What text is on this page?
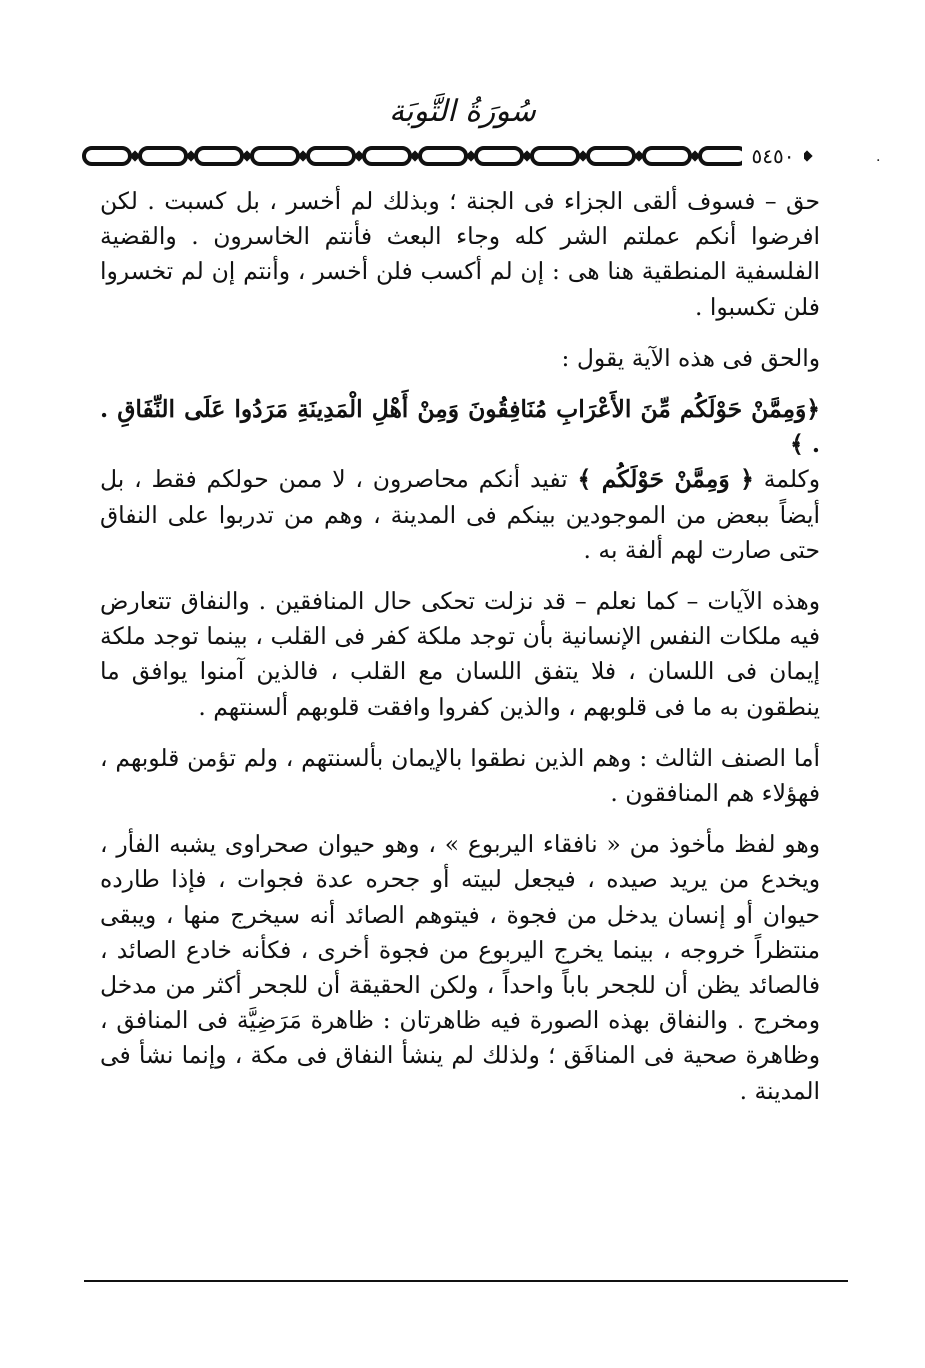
سُورَةُ التَّوبَة
٥٤٥٠	.

حق – فسوف ألقى الجزاء فى الجنة ؛ وبذلك لم أخسر ، بل كسبت . لكن افرضوا أنكم عملتم الشر كله وجاء البعث فأنتم الخاسرون . والقضية الفلسفية المنطقية هنا هى : إن لم أكسب فلن أخسر ، وأنتم إن لم تخسروا فلن تكسبوا .

والحق فى هذه الآية يقول :

﴿وَمِمَّنْ حَوْلَكُم مِّنَ الأَعْرَابِ مُنَافِقُونَ وَمِنْ أَهْلِ الْمَدِينَةِ مَرَدُوا عَلَى النِّفَاقِ . . ﴾
وكلمة ﴿ وَمِمَّنْ حَوْلَكُم ﴾ تفيد أنكم محاصرون ، لا ممن حولكم فقط ، بل أيضاً ببعض من الموجودين بينكم فى المدينة ، وهم من تدربوا على النفاق حتى صارت لهم ألفة به .

وهذه الآيات – كما نعلم – قد نزلت تحكى حال المنافقين . والنفاق تتعارض فيه ملكات النفس الإنسانية بأن توجد ملكة كفر فى القلب ، بينما توجد ملكة إيمان فى اللسان ، فلا يتفق اللسان مع القلب ، فالذين آمنوا يوافق ما ينطقون به ما فى قلوبهم ، والذين كفروا وافقت قلوبهم ألسنتهم .

أما الصنف الثالث : وهم الذين نطقوا بالإيمان بألسنتهم ، ولم تؤمن قلوبهم ، فهؤلاء هم المنافقون .

وهو لفظ مأخوذ من « نافقاء اليربوع » ، وهو حيوان صحراوى يشبه الفأر ، ويخدع من يريد صيده ، فيجعل لبيته أو جحره عدة فجوات ، فإذا طارده حيوان أو إنسان يدخل من فجوة ، فيتوهم الصائد أنه سيخرج منها ، ويبقى منتظراً خروجه ، بينما يخرج اليربوع من فجوة أخرى ، فكأنه خادع الصائد ، فالصائد يظن أن للجحر باباً واحداً ، ولكن الحقيقة أن للجحر أكثر من مدخل ومخرج . والنفاق بهذه الصورة فيه ظاهرتان : ظاهرة مَرَضِيَّة فى المنافق ، وظاهرة صحية فى المنافَق ؛ ولذلك لم ينشأ النفاق فى مكة ، وإنما نشأ فى المدينة .
